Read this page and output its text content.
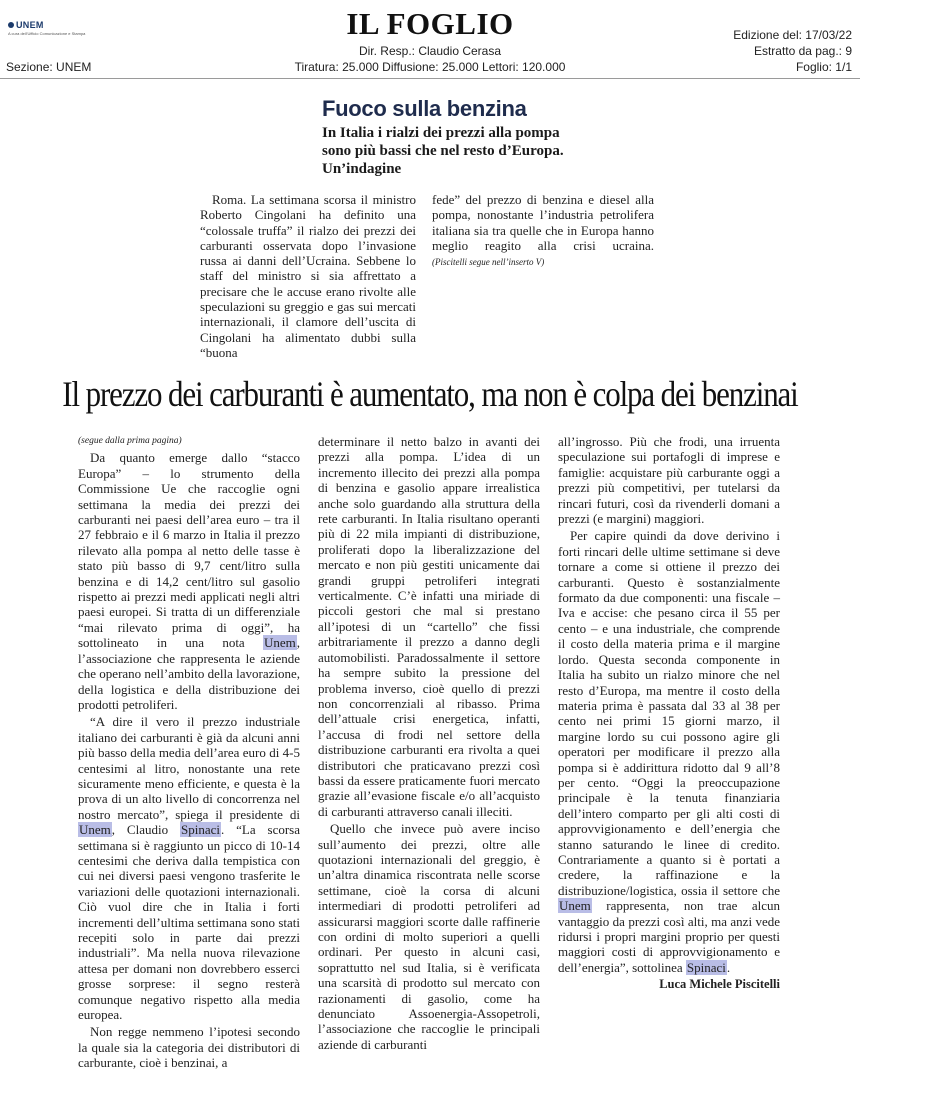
UNEM
A cura dell'Ufficio Comunicazione e Stampa	IL FOGLIO
Dir. Resp.: Claudio Cerasa
Tiratura: 25.000 Diffusione: 25.000 Lettori: 120.000
Edizione del: 17/03/22
Estratto da pag.: 9
Foglio: 1/1
Sezione: UNEM
Fuoco sulla benzina
In Italia i rialzi dei prezzi alla pompa sono più bassi che nel resto d’Europa. Un’indagine

Roma. La settimana scorsa il ministro Roberto Cingolani ha definito una “colossale truffa” il rialzo dei prezzi dei carburanti osservata dopo l’invasione russa ai danni dell’Ucraina. Sebbene lo staff del ministro si sia affrettato a precisare che le accuse erano rivolte alle speculazioni su greggio e gas sui mercati internazionali, il clamore dell’uscita di Cingolani ha alimentato dubbi sulla “buona

fede” del prezzo di benzina e diesel alla pompa, nonostante l’industria petrolifera italiana sia tra quelle che in Europa hanno meglio reagito alla crisi ucraina. (Piscitelli segue nell’inserto V)

Il prezzo dei carburanti è aumentato, ma non è colpa dei benzinai
(segue dalla prima pagina)

Da quanto emerge dallo “stacco Europa” – lo strumento della Commissione Ue che raccoglie ogni settimana la media dei prezzi dei carburanti nei paesi dell’area euro – tra il 27 febbraio e il 6 marzo in Italia il prezzo rilevato alla pompa al netto delle tasse è stato più basso di 9,7 cent/litro sulla benzina e di 14,2 cent/litro sul gasolio rispetto ai prezzi medi applicati negli altri paesi europei. Si tratta di un differenziale “mai rilevato prima di oggi”, ha sottolineato in una nota Unem, l’associazione che rappresenta le aziende che operano nell’ambito della lavorazione, della logistica e della distribuzione dei prodotti petroliferi.

“A dire il vero il prezzo industriale italiano dei carburanti è già da alcuni anni più basso della media dell’area euro di 4-5 centesimi al litro, nonostante una rete sicuramente meno efficiente, e questa è la prova di un alto livello di concorrenza nel nostro mercato”, spiega il presidente di Unem, Claudio Spinaci. “La scorsa settimana si è raggiunto un picco di 10-14 centesimi che deriva dalla tempistica con cui nei diversi paesi vengono trasferite le variazioni delle quotazioni internazionali. Ciò vuol dire che in Italia i forti incrementi dell’ultima settimana sono stati recepiti solo in parte dai prezzi industriali”. Ma nella nuova rilevazione attesa per domani non dovrebbero esserci grosse sorprese: il segno resterà comunque negativo rispetto alla media europea.

Non regge nemmeno l’ipotesi secondo la quale sia la categoria dei distributori di carburante, cioè i benzinai, a

determinare il netto balzo in avanti dei prezzi alla pompa. L’idea di un incremento illecito dei prezzi alla pompa di benzina e gasolio appare irrealistica anche solo guardando alla struttura della rete carburanti. In Italia risultano operanti più di 22 mila impianti di distribuzione, proliferati dopo la liberalizzazione del mercato e non più gestiti unicamente dai grandi gruppi petroliferi integrati verticalmente. C’è infatti una miriade di piccoli gestori che mal si prestano all’ipotesi di un “cartello” che fissi arbitrariamente il prezzo a danno degli automobilisti. Paradossalmente il settore ha sempre subito la pressione del problema inverso, cioè quello di prezzi non concorrenziali al ribasso. Prima dell’attuale crisi energetica, infatti, l’accusa di frodi nel settore della distribuzione carburanti era rivolta a quei distributori che praticavano prezzi così bassi da essere praticamente fuori mercato grazie all’evasione fiscale e/o all’acquisto di carburanti attraverso canali illeciti.

Quello che invece può avere inciso sull’aumento dei prezzi, oltre alle quotazioni internazionali del greggio, è un’altra dinamica riscontrata nelle scorse settimane, cioè la corsa di alcuni intermediari di prodotti petroliferi ad assicurarsi maggiori scorte dalle raffinerie con ordini di molto superiori a quelli ordinari. Per questo in alcuni casi, soprattutto nel sud Italia, si è verificata una scarsità di prodotto sul mercato con razionamenti di gasolio, come ha denunciato Assoenergia-Assopetroli, l’associazione che raccoglie le principali aziende di carburanti

all’ingrosso. Più che frodi, una irruenta speculazione sui portafogli di imprese e famiglie: acquistare più carburante oggi a prezzi più competitivi, per tutelarsi da rincari futuri, così da rivenderli domani a prezzi (e margini) maggiori.

Per capire quindi da dove derivino i forti rincari delle ultime settimane si deve tornare a come si ottiene il prezzo dei carburanti. Questo è sostanzialmente formato da due componenti: una fiscale – Iva e accise: che pesano circa il 55 per cento – e una industriale, che comprende il costo della materia prima e il margine lordo. Questa seconda componente in Italia ha subito un rialzo minore che nel resto d’Europa, ma mentre il costo della materia prima è passata dal 33 al 38 per cento nei primi 15 giorni marzo, il margine lordo su cui possono agire gli operatori per modificare il prezzo alla pompa si è addirittura ridotto dal 9 all’8 per cento. “Oggi la preoccupazione principale è la tenuta finanziaria dell’intero comparto per gli alti costi di approvvigionamento e dell’energia che stanno saturando le linee di credito. Contrariamente a quanto si è portati a credere, la raffinazione e la distribuzione/logistica, ossia il settore che Unem rappresenta, non trae alcun vantaggio da prezzi così alti, ma anzi vede ridursi i propri margini proprio per questi maggiori costi di approvvigionamento e dell’energia”, sottolinea Spinaci.

Luca Michele Piscitelli
